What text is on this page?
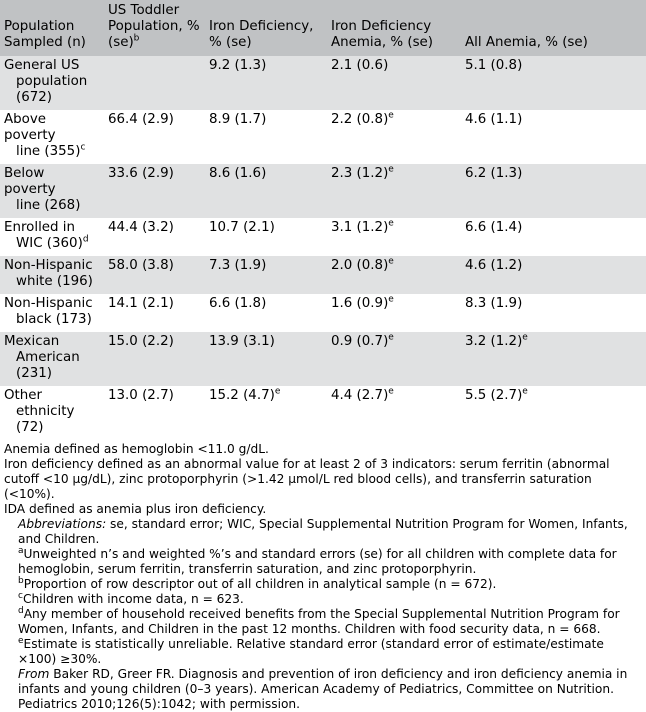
Population Sampled (n)	US Toddler Population, % (se)$^b$	Iron Deficiency, % (se)	Iron Deficiency Anemia, % (se)	All Anemia, % (se)

General US
population (672)		9.2 (1.3)	2.1 (0.6)	5.1 (0.8)

Above poverty
line $(355)^c$	66.4 (2.9)	8.9 (1.7)	2.2 $(0.8)^e$	4.6 (1.1)

Below poverty
line (268)	33.6 (2.9)	8.6 (1.6)	2.3 $(1.2)^e$	6.2 (1.3)

Enrolled in
WIC $(360)^d$	44.4 (3.2)	10.7 (2.1)	3.1 $(1.2)^e$	6.6 (1.4)

Non-Hispanic
white (196)	58.0 (3.8)	7.3 (1.9)	2.0 $(0.8)^e$	4.6 (1.2)

Non-Hispanic
black (173)	14.1 (2.1)	6.6 (1.8)	1.6 $(0.9)^e$	8.3 (1.9)

Mexican
American (231)	15.0 (2.2)	13.9 (3.1)	0.9 $(0.7)^e$	3.2 $(1.2)^e$

Other
ethnicity (72)	13.0 (2.7)	15.2 $(4.7)^e$	4.4 $(2.7)^e$	5.5 $(2.7)^e$

Anemia defined as hemoglobin <11.0 g/dL.

Iron deficiency defined as an abnormal value for at least 2 of 3 indicators: serum ferritin (abnormal cutoff <10 μg/dL), zinc protoporphyrin (>1.42 μmol/L red blood cells), and transferrin saturation (<10%).

IDA defined as anemia plus iron deficiency.

Abbreviations: se, standard error; WIC, Special Supplemental Nutrition Program for Women, Infants, and Children.

$^a$Unweighted n’s and weighted %’s and standard errors (se) for all children with complete data for hemoglobin, serum ferritin, transferrin saturation, and zinc protoporphyrin.

$^b$Proportion of row descriptor out of all children in analytical sample (n = 672).

$^c$Children with income data, n = 623.

$^d$Any member of household received benefits from the Special Supplemental Nutrition Program for Women, Infants, and Children in the past 12 months. Children with food security data, n = 668.

$^e$Estimate is statistically unreliable. Relative standard error (standard error of estimate/estimate ×100) ≥30%.

From Baker RD, Greer FR. Diagnosis and prevention of iron deficiency and iron deficiency anemia in infants and young children (0–3 years). American Academy of Pediatrics, Committee on Nutrition. Pediatrics 2010;126(5):1042; with permission.
